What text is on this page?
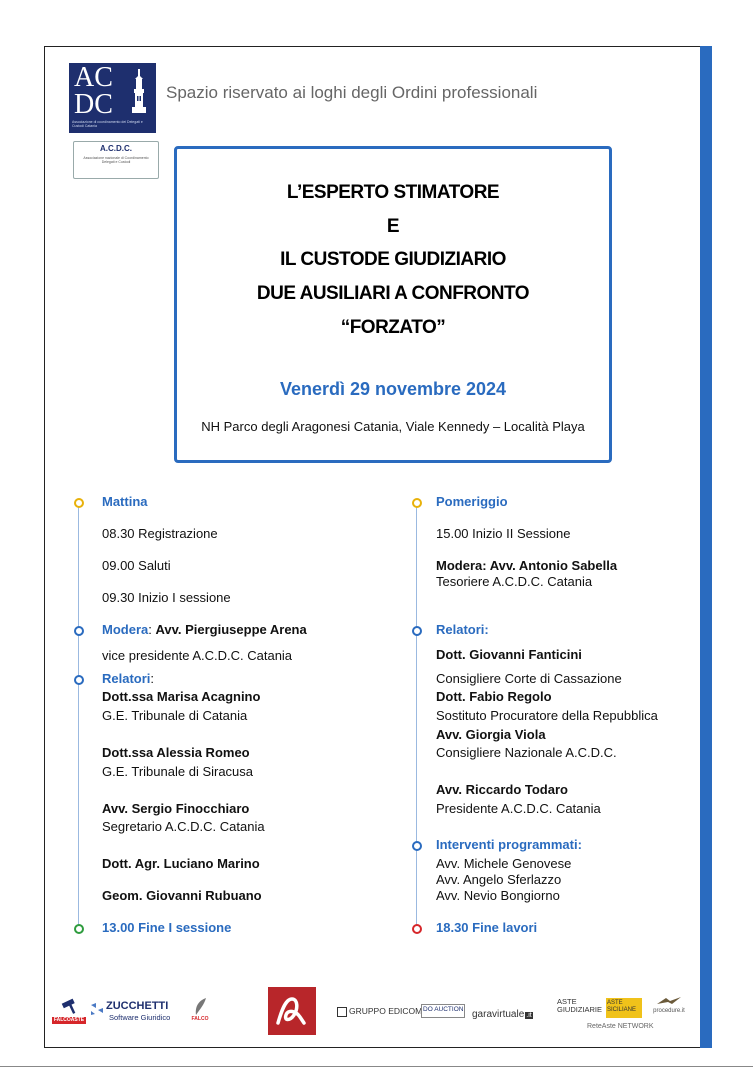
AC
DC
Associazione di coordinamento dei Delegati e Custodi Catania
A.C.D.C.
Associazione nazionale di Coordinamento Delegati e Custodi
Spazio riservato ai loghi degli Ordini professionali
L’ESPERTO STIMATORE
E
IL CUSTODE GIUDIZIARIO
DUE AUSILIARI A CONFRONTO
“FORZATO”
Venerdì 29 novembre 2024
NH Parco degli Aragonesi Catania, Viale Kennedy – Località Playa
Mattina
08.30 Registrazione
09.00 Saluti
09.30 Inizio I sessione
Modera: Avv. Piergiuseppe Arena
vice presidente A.C.D.C. Catania
Relatori:
Dott.ssa Marisa Acagnino
G.E. Tribunale di Catania
Dott.ssa Alessia Romeo
G.E. Tribunale di Siracusa
Avv. Sergio Finocchiaro
Segretario A.C.D.C. Catania
Dott. Agr. Luciano Marino
Geom. Giovanni Rubuano
13.00 Fine I sessione
Pomeriggio
15.00 Inizio II Sessione
Modera: Avv. Antonio Sabella
Tesoriere A.C.D.C. Catania
Relatori:
Dott. Giovanni Fanticini
Consigliere Corte di Cassazione
Dott. Fabio Regolo
Sostituto Procuratore della Repubblica
Avv. Giorgia Viola
Consigliere Nazionale A.C.D.C.
Avv. Riccardo Todaro
Presidente A.C.D.C. Catania
Interventi programmati:
Avv. Michele Genovese
Avv. Angelo Sferlazzo
Avv. Nevio Bongiorno
18.30 Fine lavori
FALCOASTE
ZUCCHETTI
Software Giuridico	FALCO
GRUPPO EDICOM DO AUCTION garavirtuale .it
ASTE GIUDIZIARIE
ASTE SICILIANE	procedure.it
ReteAste NETWORK
